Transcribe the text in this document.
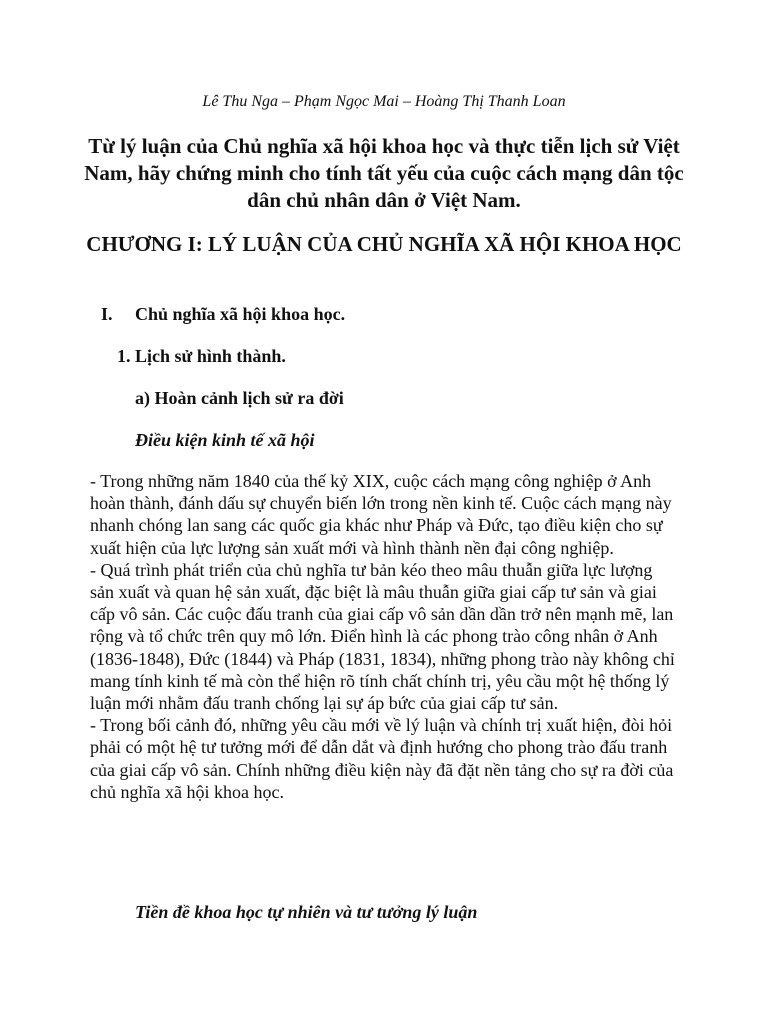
Lê Thu Nga – Phạm Ngọc Mai – Hoàng Thị Thanh Loan
Từ lý luận của Chủ nghĩa xã hội khoa học và thực tiễn lịch sử Việt Nam, hãy chứng minh cho tính tất yếu của cuộc cách mạng dân tộc dân chủ nhân dân ở Việt Nam.
CHƯƠNG I: LÝ LUẬN CỦA CHỦ NGHĨA XÃ HỘI KHOA HỌC
I. Chủ nghĩa xã hội khoa học.
1. Lịch sử hình thành.
a) Hoàn cảnh lịch sử ra đời
Điều kiện kinh tế xã hội

- Trong những năm 1840 của thế kỷ XIX, cuộc cách mạng công nghiệp ở Anh hoàn thành, đánh dấu sự chuyển biến lớn trong nền kinh tế. Cuộc cách mạng này nhanh chóng lan sang các quốc gia khác như Pháp và Đức, tạo điều kiện cho sự xuất hiện của lực lượng sản xuất mới và hình thành nền đại công nghiệp.

- Quá trình phát triển của chủ nghĩa tư bản kéo theo mâu thuẫn giữa lực lượng sản xuất và quan hệ sản xuất, đặc biệt là mâu thuẫn giữa giai cấp tư sản và giai cấp vô sản. Các cuộc đấu tranh của giai cấp vô sản dần dần trở nên mạnh mẽ, lan rộng và tổ chức trên quy mô lớn. Điển hình là các phong trào công nhân ở Anh (1836-1848), Đức (1844) và Pháp (1831, 1834), những phong trào này không chỉ mang tính kinh tế mà còn thể hiện rõ tính chất chính trị, yêu cầu một hệ thống lý luận mới nhằm đấu tranh chống lại sự áp bức của giai cấp tư sản.

- Trong bối cảnh đó, những yêu cầu mới về lý luận và chính trị xuất hiện, đòi hỏi phải có một hệ tư tưởng mới để dẫn dắt và định hướng cho phong trào đấu tranh của giai cấp vô sản. Chính những điều kiện này đã đặt nền tảng cho sự ra đời của chủ nghĩa xã hội khoa học.

Tiền đề khoa học tự nhiên và tư tưởng lý luận
